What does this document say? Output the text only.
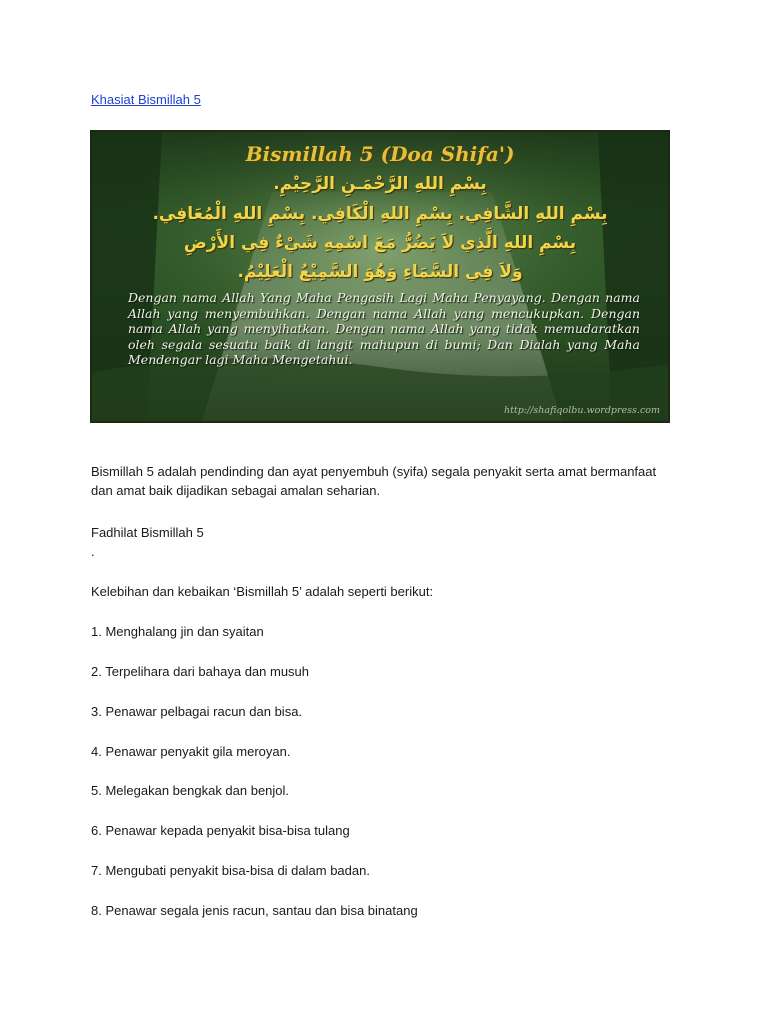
Khasiat Bismillah 5
Bismillah 5 (Doa Shifa')
بِسْمِ اللهِ الرَّحْمَـنِ الرَّحِيْمِ.
بِسْمِ اللهِ الشَّافِي. بِسْمِ اللهِ الْكَافِي. بِسْمِ اللهِ الْمُعَافِي.
بِسْمِ اللهِ الَّذِي لاَ يَضُرُّ مَعَ اسْمِهِ شَيْءٌ فِي الأَرْضِ
وَلاَ فِي السَّمَاءِ وَهُوَ السَّمِيْعُ الْعَلِيْمُ.
Dengan nama Allah Yang Maha Pengasih Lagi Maha Penyayang. Dengan nama Allah yang menyembuhkan. Dengan nama Allah yang mencukupkan. Dengan nama Allah yang menyihatkan. Dengan nama Allah yang tidak memudaratkan oleh segala sesuatu baik di langit mahupun di bumi; Dan Dialah yang Maha Mendengar lagi Maha Mengetahui.
http://shafiqolbu.wordpress.com
Bismillah 5 adalah pendinding dan ayat penyembuh (syifa) segala penyakit serta amat bermanfaat dan amat baik dijadikan sebagai amalan seharian.
Fadhilat Bismillah 5
.
Kelebihan dan kebaikan ‘Bismillah 5’ adalah seperti berikut:
1. Menghalang jin dan syaitan
2. Terpelihara dari bahaya dan musuh
3. Penawar pelbagai racun dan bisa.
4. Penawar penyakit gila meroyan.
5. Melegakan bengkak dan benjol.
6. Penawar kepada penyakit bisa-bisa tulang
7. Mengubati penyakit bisa-bisa di dalam badan.
8. Penawar segala jenis racun, santau dan bisa binatang
